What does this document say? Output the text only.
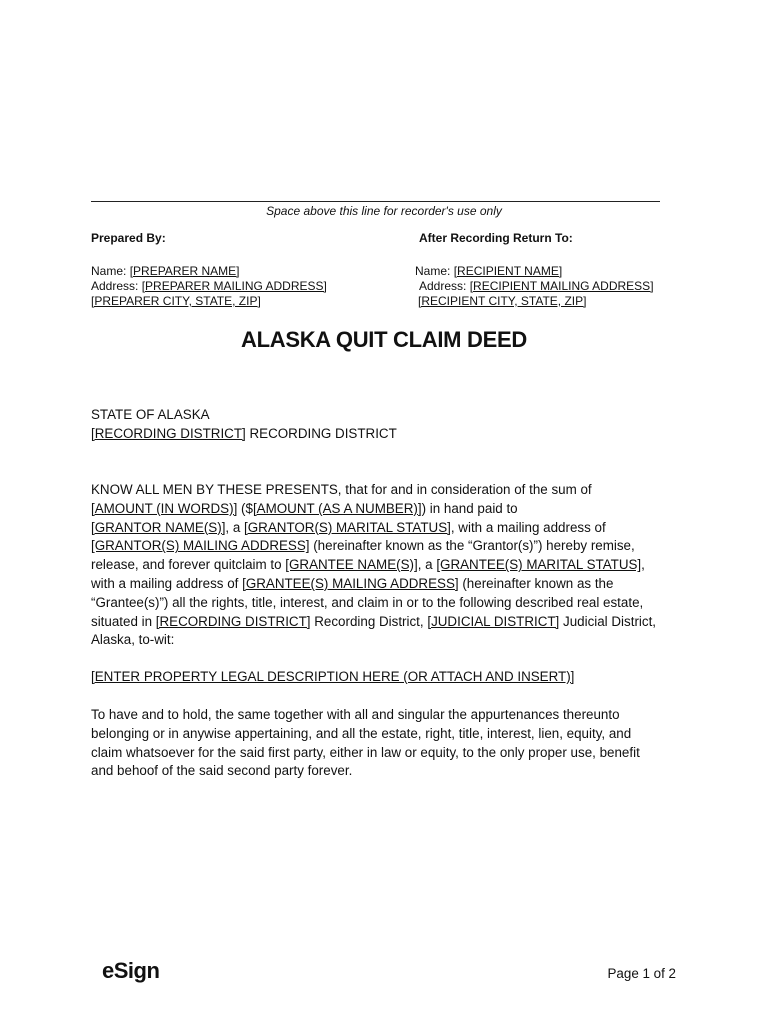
Space above this line for recorder's use only
Prepared By:	After Recording Return To:
Name: [PREPARER NAME]
Address: [PREPARER MAILING ADDRESS]
[PREPARER CITY, STATE, ZIP]
Name: [RECIPIENT NAME]
Address: [RECIPIENT MAILING ADDRESS]
[RECIPIENT CITY, STATE, ZIP]
ALASKA QUIT CLAIM DEED
STATE OF ALASKA
[RECORDING DISTRICT] RECORDING DISTRICT
KNOW ALL MEN BY THESE PRESENTS, that for and in consideration of the sum of
[AMOUNT (IN WORDS)] ($[AMOUNT (AS A NUMBER)]) in hand paid to
[GRANTOR NAME(S)], a [GRANTOR(S) MARITAL STATUS], with a mailing address of
[GRANTOR(S) MAILING ADDRESS] (hereinafter known as the “Grantor(s)”) hereby remise,
release, and forever quitclaim to [GRANTEE NAME(S)], a [GRANTEE(S) MARITAL STATUS],
with a mailing address of [GRANTEE(S) MAILING ADDRESS] (hereinafter known as the
“Grantee(s)”) all the rights, title, interest, and claim in or to the following described real estate,
situated in [RECORDING DISTRICT] Recording District, [JUDICIAL DISTRICT] Judicial District,
Alaska, to-wit:
[ENTER PROPERTY LEGAL DESCRIPTION HERE (OR ATTACH AND INSERT)]
To have and to hold, the same together with all and singular the appurtenances thereunto
belonging or in anywise appertaining, and all the estate, right, title, interest, lien, equity, and
claim whatsoever for the said first party, either in law or equity, to the only proper use, benefit
and behoof of the said second party forever.
eSign	Page 1 of 2
